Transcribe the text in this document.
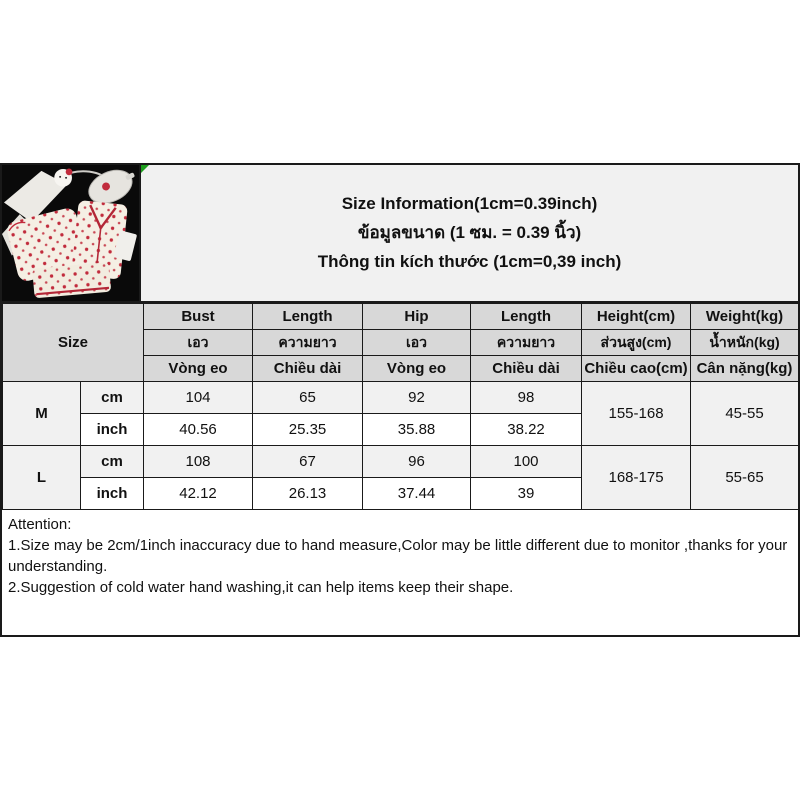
Size Information(1cm=0.39inch)
ข้อมูลขนาด (1 ซม. = 0.39 นิ้ว)
Thông tin kích thước (1cm=0,39 inch)
Size		Bust	Length	Hip	Length	Height(cm)	Weight(kg)
		เอว	ความยาว	เอว	ความยาว	ส่วนสูง(cm)	น้ำหนัก(kg)
		Vòng eo	Chiều dài	Vòng eo	Chiều dài	Chiều cao(cm)	Cân nặng(kg)
M	cm	104	65	92	98	155-168	45-55
	inch	40.56	25.35	35.88	38.22		
L	cm	108	67	96	100	168-175	55-65
	inch	42.12	26.13	37.44	39		

Attention:

1.Size may be 2cm/1inch inaccuracy due to hand measure,Color may be little different due to monitor ,thanks for your understanding.

2.Suggestion of cold water hand washing,it can help items keep their shape.
